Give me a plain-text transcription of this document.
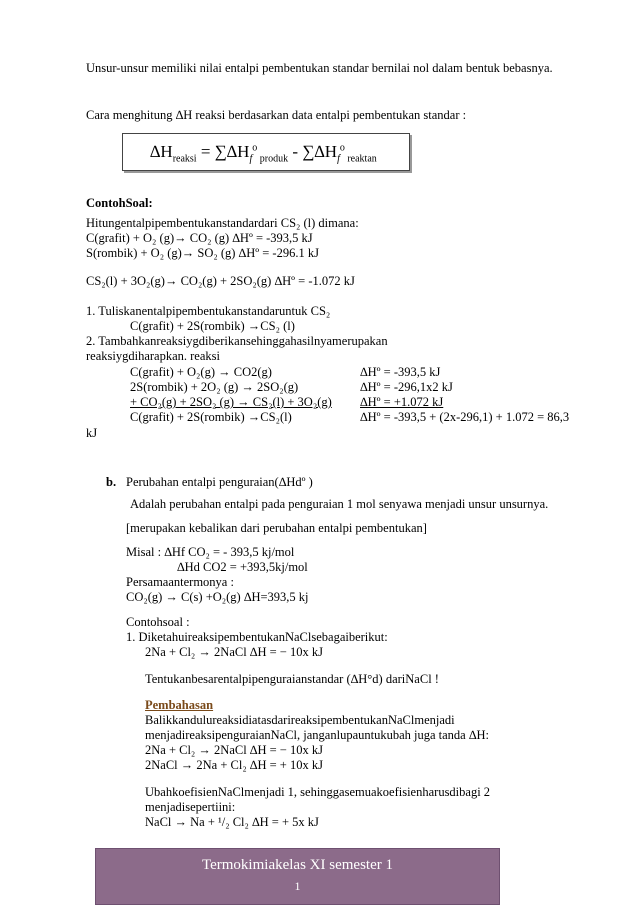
Unsur-unsur memiliki nilai entalpi pembentukan standar bernilai nol dalam bentuk bebasnya.
Cara menghitung ∆H reaksi berdasarkan data entalpi pembentukan standar :
$\Delta H_{reaksi} = \sum\Delta H_f^o$ $_{produk} - \sum\Delta H_f^o$ $_{reaktan}$
ContohSoal:
Hitungentalpipembentukanstandardari CS₂ (l) dimana:
C(grafit) + O₂ (g)→ CO₂ (g) ∆Hº = -393,5 kJ
S(rombik) + O₂ (g)→ SO₂ (g) ∆Hº = -296.1 kJ
CS₂(l) + 3O₂(g)→ CO₂(g) + 2SO₂(g) ∆Hº = -1.072 kJ
1. Tuliskanentalpipembentukanstandaruntuk CS₂
C(grafit) + 2S(rombik) →CS₂ (l)
2. Tambahkanreaksiygdiberikansehinggahasilnyamerupakan
reaksiygdiharapkan. reaksi
C(grafit) + O₂(g) → CO2(g)	∆Hº = -393,5 kJ
2S(rombik) + 2O₂ (g) → 2SO₂(g)	∆Hº = -296,1x2 kJ
+ CO₂(g) + 2SO₂ (g) → CS₂(l) + 3O₂(g) ∆Hº = +1.072 kJ
C(grafit) + 2S(rombik) →CS₂(l)	∆Hº = -393,5 + (2x-296,1) + 1.072 = 86,3
kJ
b. Perubahan entalpi penguraian(∆Hdº )
Adalah perubahan entalpi pada penguraian 1 mol senyawa menjadi unsur unsurnya.
[merupakan kebalikan dari perubahan entalpi pembentukan]
Misal : ∆Hf CO₂ = - 393,5 kj/mol
∆Hd CO2 = +393,5kj/mol
Persamaantermonya :
CO₂(g) → C(s) +O₂(g) ∆H=393,5 kj
Contohsoal :
1. DiketahuireaksipembentukanNaClsebagaiberikut:
2Na + Cl₂ → 2NaCl ∆H = − 10x kJ
Tentukanbesarentalpipenguraianstandar (∆H°d) dariNaCl !
Pembahasan
BalikkandulureaksidiatasdarireaksipembentukanNaClmenjadi
menjadireaksipenguraianNaCl, janganlupauntukubah juga tanda ∆H:
2Na + Cl₂ → 2NaCl ∆H = − 10x kJ
2NaCl → 2Na + Cl₂ ∆H = + 10x kJ
UbahkoefisienNaClmenjadi 1, sehinggasemuakoefisienharusdibagi 2
menjadisepertiini:
NaCl → Na + ¹/₂ Cl₂ ∆H = + 5x kJ
Termokimiakelas XI semester 1
1
